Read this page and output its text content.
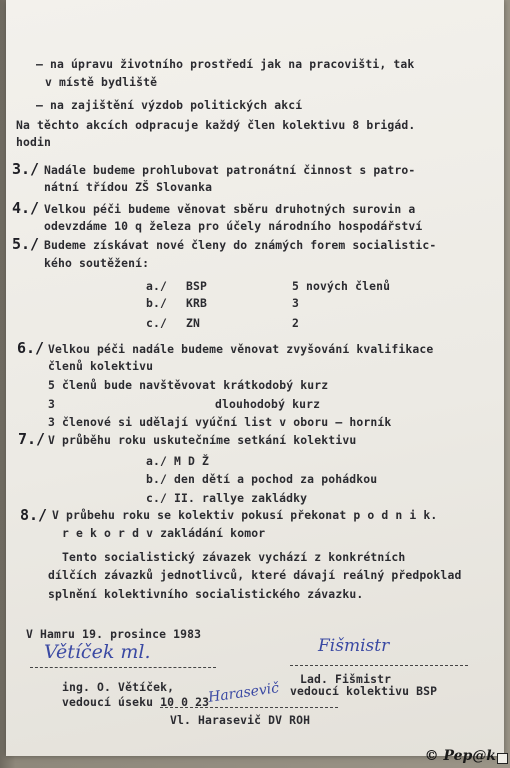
– na úpravu životního prostředí jak na pracovišti, tak
v místě bydliště
– na zajištění výzdob politických akcí
Na těchto akcích odpracuje každý člen kolektivu 8 brigád.
hodin
3./ Nadále budeme prohlubovat patronátní činnost s patro-
nátní třídou ZŠ Slovanka
4./ Velkou péči budeme věnovat sběru druhotných surovin a
odevzdáme 10 q železa pro účely národního hospodářství
5./ Budeme získávat nové členy do známých forem socialistic-
kého soutěžení:
a./ BSP	5 nových členů
b./ KRB	3
c./ ZN	2
6./ Velkou péči nadále budeme věnovat zvyšování kvalifikace
členů kolektivu
5 členů bude navštěvovat krátkodobý kurz
3	dlouhodobý kurz
3 členové si udělají vyúční list v oboru – horník
7./ V průběhu roku uskutečníme setkání kolektivu
a./ M D Ž
b./ den dětí a pochod za pohádkou
c./ II. rallye zakládky
8./ V průbehu roku se kolektiv pokusí překonat p o d n i k.
r e k o r d v zakládání komor
Tento socialistický závazek vychází z konkrétních
dílčích závazků jednotlivců, které dávají reálný předpoklad
splnění kolektivního socialistického závazku.
V Hamru 19. prosince 1983
Větíček ml.
ing. O. Větíček,
vedoucí úseku 10 0 23
Fišmistr
Lad. Fišmistr
vedoucí kolektivu BSP
Harasevič
Vl. Harasevič DV ROH
© Pep@k
